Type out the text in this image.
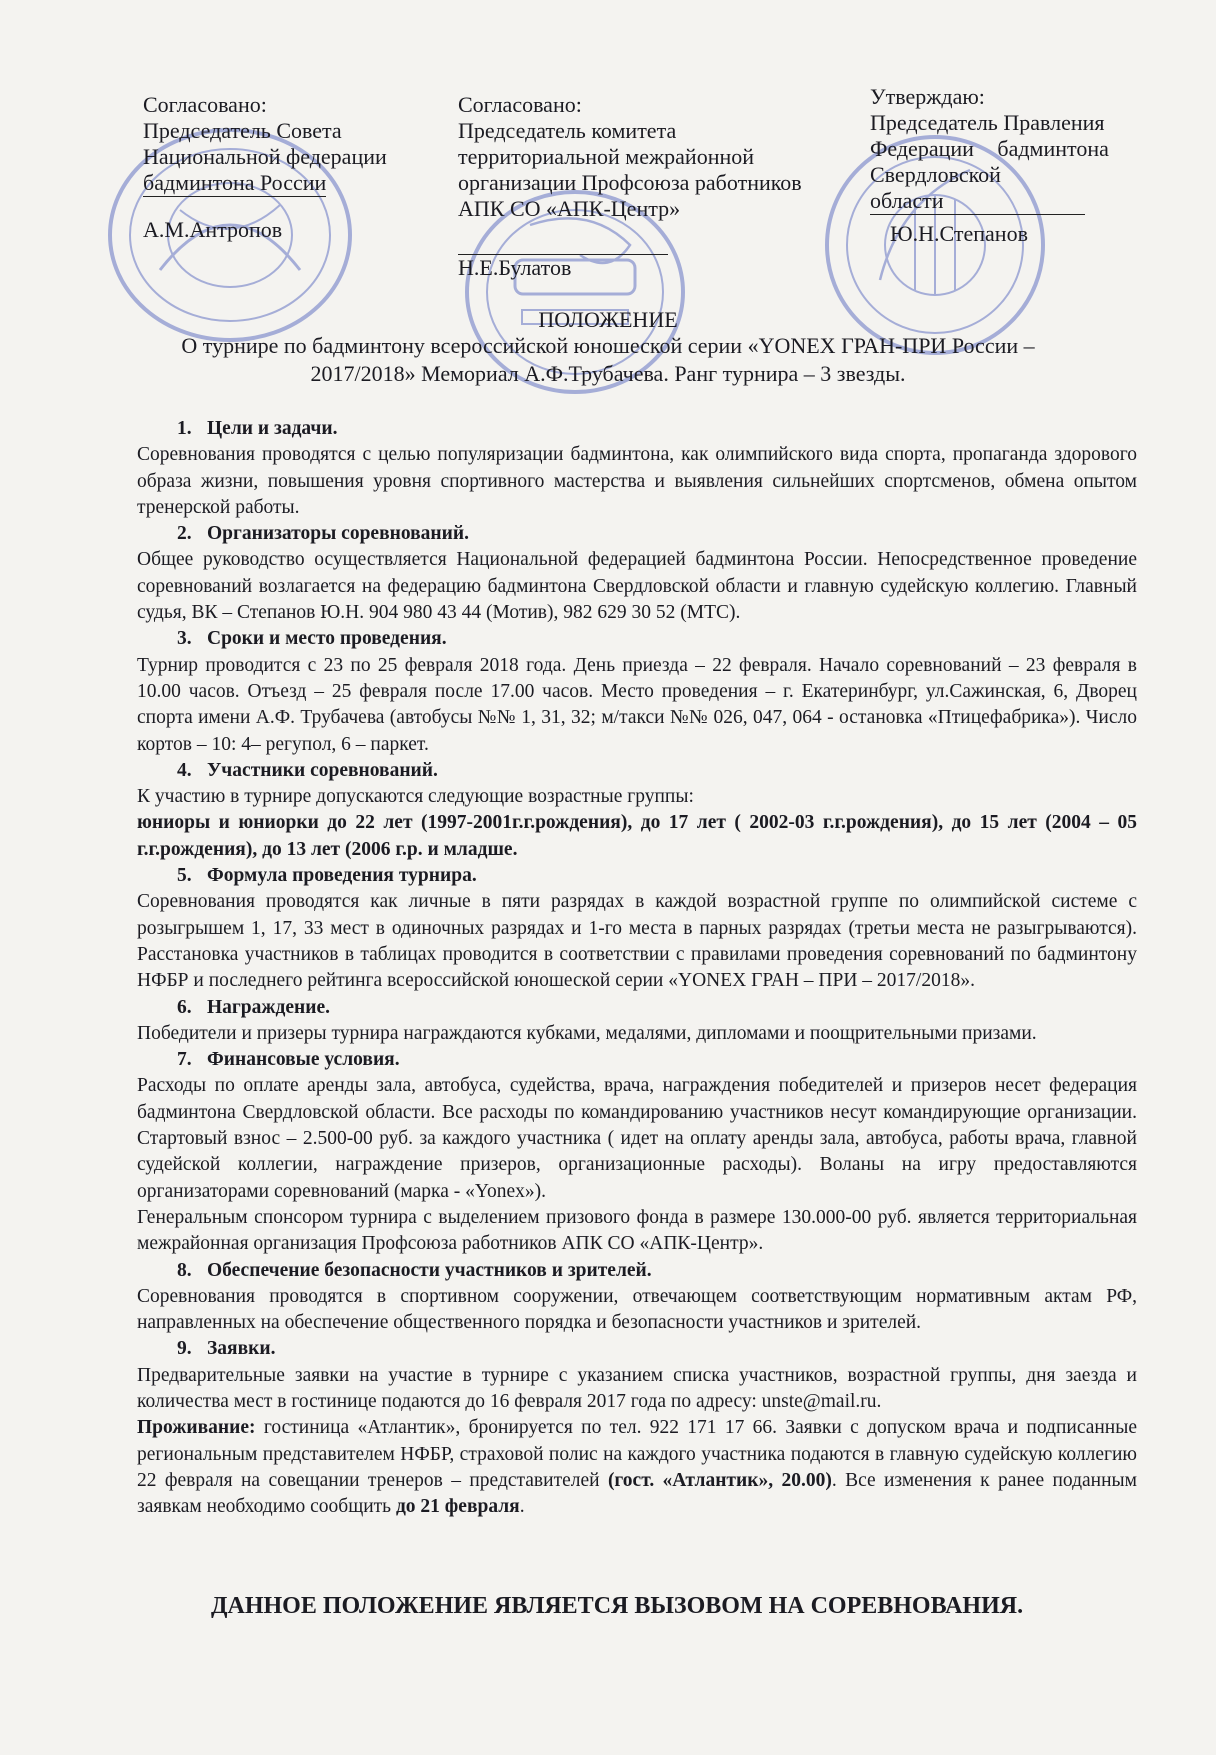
Согласовано:
Председатель Совета
Национальной федерации
бадминтона России
А.М.Антропов
Согласовано:
Председатель комитета
территориальной межрайонной
организации Профсоюза работников
АПК СО «АПК-Центр»

Н.Е.Булатов
Утверждаю:
Председатель Правления
Федерации бадминтона
Свердловской
области
Ю.Н.Степанов
ПОЛОЖЕНИЕ
О турнире по бадминтону всероссийской юношеской серии «YONEX ГРАН-ПРИ России –
2017/2018» Мемориал А.Ф.Трубачева. Ранг турнира – 3 звезды.
1. Цели и задачи.
Соревнования проводятся с целью популяризации бадминтона, как олимпийского вида спорта, пропаганда здорового образа жизни, повышения уровня спортивного мастерства и выявления сильнейших спортсменов, обмена опытом тренерской работы.
2. Организаторы соревнований.
Общее руководство осуществляется Национальной федерацией бадминтона России. Непосредственное проведение соревнований возлагается на федерацию бадминтона Свердловской области и главную судейскую коллегию. Главный судья, ВК – Степанов Ю.Н. 904 980 43 44 (Мотив), 982 629 30 52 (МТС).
3. Сроки и место проведения.
Турнир проводится с 23 по 25 февраля 2018 года. День приезда – 22 февраля. Начало соревнований – 23 февраля в 10.00 часов. Отъезд – 25 февраля после 17.00 часов. Место проведения – г. Екатеринбург, ул.Сажинская, 6, Дворец спорта имени А.Ф. Трубачева (автобусы №№ 1, 31, 32; м/такси №№ 026, 047, 064 - остановка «Птицефабрика»). Число кортов – 10: 4– регупол, 6 – паркет.
4. Участники соревнований.
К участию в турнире допускаются следующие возрастные группы:
юниоры и юниорки до 22 лет (1997-2001г.г.рождения), до 17 лет ( 2002-03 г.г.рождения), до 15 лет (2004 – 05 г.г.рождения), до 13 лет (2006 г.р. и младше.
5. Формула проведения турнира.
Соревнования проводятся как личные в пяти разрядах в каждой возрастной группе по олимпийской системе с розыгрышем 1, 17, 33 мест в одиночных разрядах и 1-го места в парных разрядах (третьи места не разыгрываются). Расстановка участников в таблицах проводится в соответствии с правилами проведения соревнований по бадминтону НФБР и последнего рейтинга всероссийской юношеской серии «YONEX ГРАН – ПРИ – 2017/2018».
6. Награждение.
Победители и призеры турнира награждаются кубками, медалями, дипломами и поощрительными призами.
7. Финансовые условия.
Расходы по оплате аренды зала, автобуса, судейства, врача, награждения победителей и призеров несет федерация бадминтона Свердловской области. Все расходы по командированию участников несут командирующие организации. Стартовый взнос – 2.500-00 руб. за каждого участника ( идет на оплату аренды зала, автобуса, работы врача, главной судейской коллегии, награждение призеров, организационные расходы). Воланы на игру предоставляются организаторами соревнований (марка - «Yonex»).
Генеральным спонсором турнира с выделением призового фонда в размере 130.000-00 руб. является территориальная межрайонная организация Профсоюза работников АПК СО «АПК-Центр».
8. Обеспечение безопасности участников и зрителей.
Соревнования проводятся в спортивном сооружении, отвечающем соответствующим нормативным актам РФ, направленных на обеспечение общественного порядка и безопасности участников и зрителей.
9. Заявки.
Предварительные заявки на участие в турнире с указанием списка участников, возрастной группы, дня заезда и количества мест в гостинице подаются до 16 февраля 2017 года по адресу: unste@mail.ru.
Проживание: гостиница «Атлантик», бронируется по тел. 922 171 17 66. Заявки с допуском врача и подписанные региональным представителем НФБР, страховой полис на каждого участника подаются в главную судейскую коллегию 22 февраля на совещании тренеров – представителей (гост. «Атлантик», 20.00). Все изменения к ранее поданным заявкам необходимо сообщить до 21 февраля.
ДАННОЕ ПОЛОЖЕНИЕ ЯВЛЯЕТСЯ ВЫЗОВОМ НА СОРЕВНОВАНИЯ.
